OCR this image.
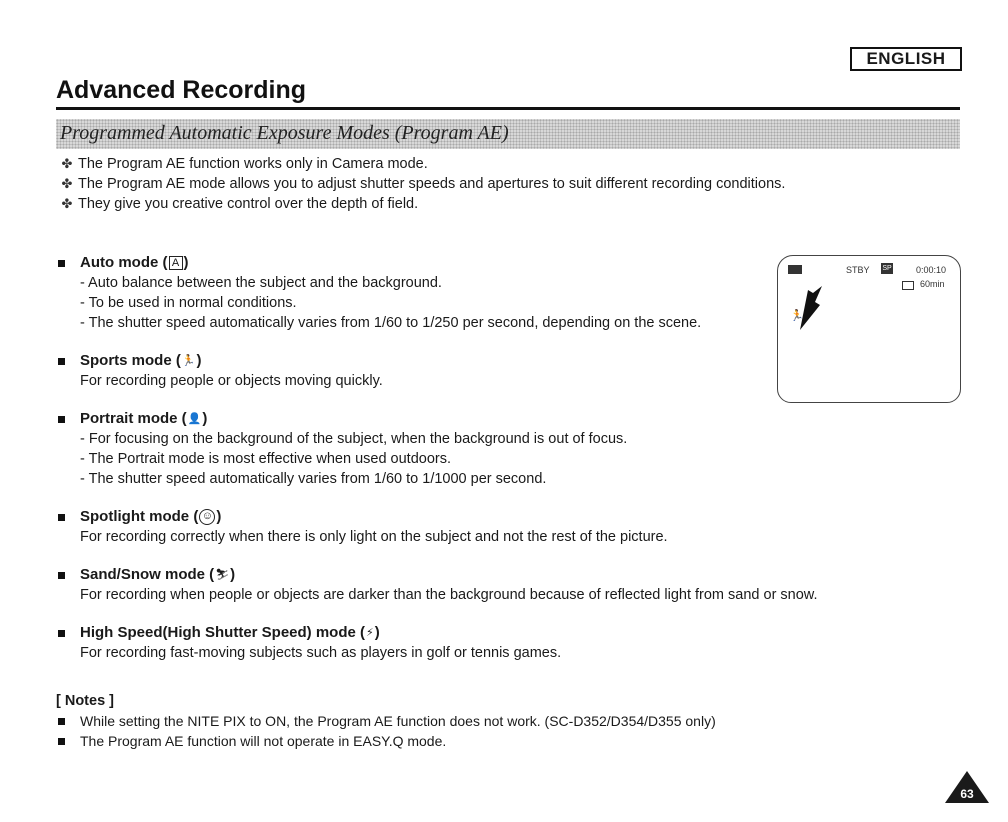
ENGLISH
Advanced Recording
Programmed Automatic Exposure Modes (Program AE)
✤ The Program AE function works only in Camera mode.
✤ The Program AE mode allows you to adjust shutter speeds and apertures to suit different recording conditions.
✤ They give you creative control over the depth of field.
Auto mode ( A )
- Auto balance between the subject and the background.
- To be used in normal conditions.
- The shutter speed automatically varies from 1/60 to 1/250 per second, depending on the scene.
Sports mode ( 🏃 )
For recording people or objects moving quickly.
Portrait mode ( 👤 )
- For focusing on the background of the subject, when the background is out of focus.
- The Portrait mode is most effective when used outdoors.
- The shutter speed automatically varies from 1/60 to 1/1000 per second.
Spotlight mode ( ☺ )
For recording correctly when there is only light on the subject and not the rest of the picture.
Sand/Snow mode ( ⛷ )
For recording when people or objects are darker than the background because of reflected light from sand or snow.
High Speed(High Shutter Speed) mode ( ⚡ )
For recording fast-moving subjects such as players in golf or tennis games.
STBY SP	0:00:10
60min
🏃
[ Notes ]
While setting the NITE PIX to ON, the Program AE function does not work. (SC-D352/D354/D355 only)
The Program AE function will not operate in EASY.Q mode.
63
